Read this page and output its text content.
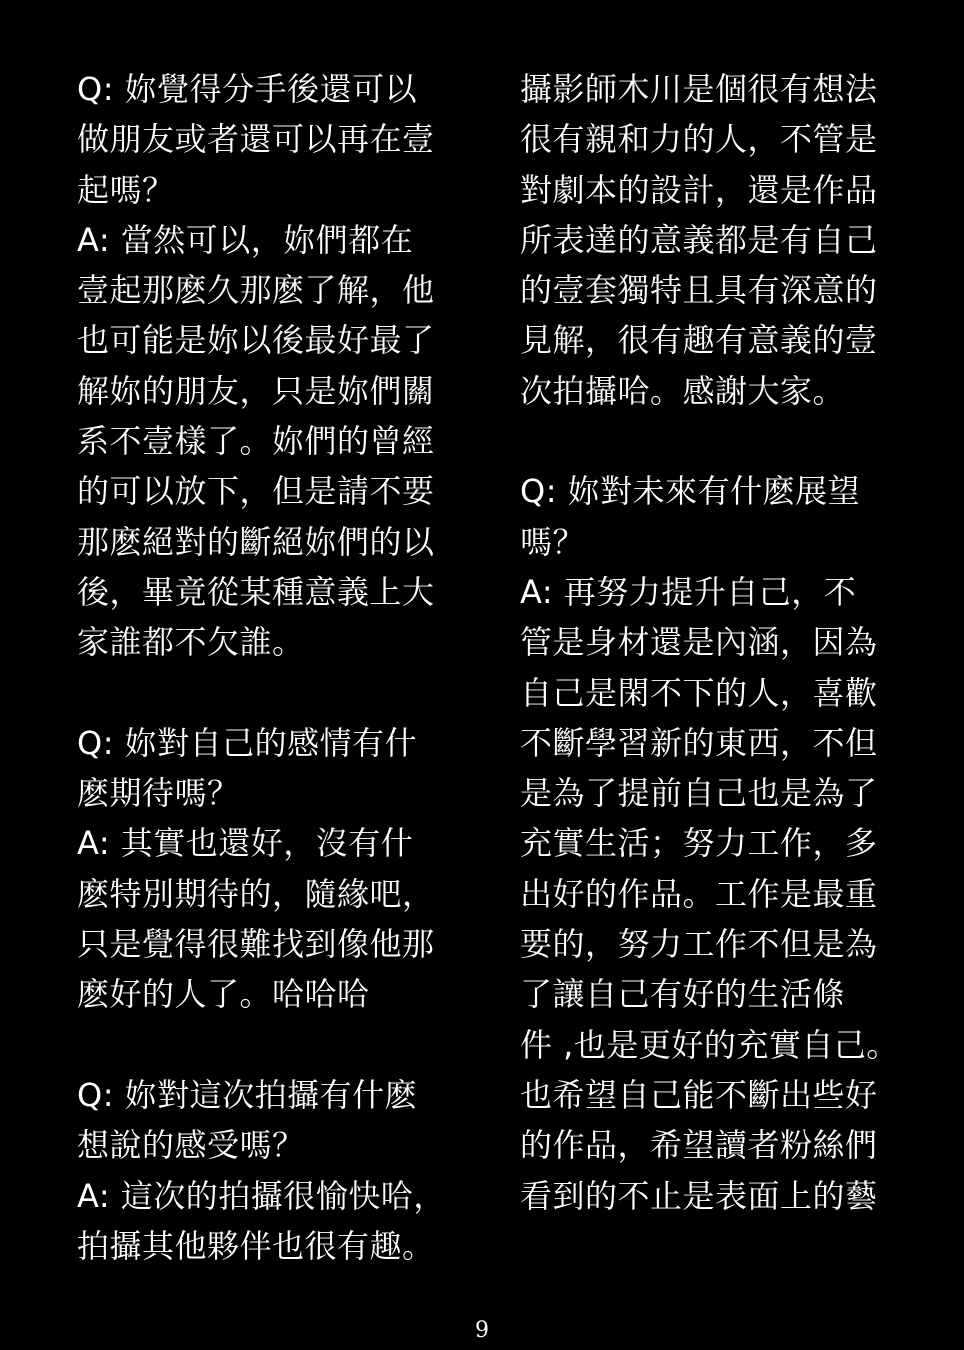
Q: 妳覺得分手後還可以
做朋友或者還可以再在壹
起嗎？
A: 當然可以，妳們都在
壹起那麽久那麽了解，他
也可能是妳以後最好最了
解妳的朋友，只是妳們關
系不壹樣了。妳們的曾經
的可以放下，但是請不要
那麽絕對的斷絕妳們的以
後，畢竟從某種意義上大
家誰都不欠誰。
Q: 妳對自己的感情有什
麽期待嗎？
A: 其實也還好，沒有什
麽特別期待的，隨緣吧，
只是覺得很難找到像他那
麽好的人了。哈哈哈
Q: 妳對這次拍攝有什麽
想說的感受嗎？
A: 這次的拍攝很愉快哈，
拍攝其他夥伴也很有趣。
攝影師木川是個很有想法
很有親和力的人，不管是
對劇本的設計，還是作品
所表達的意義都是有自己
的壹套獨特且具有深意的
見解，很有趣有意義的壹
次拍攝哈。感謝大家。
Q: 妳對未來有什麽展望
嗎？
A: 再努力提升自己，不
管是身材還是內涵，因為
自己是閑不下的人，喜歡
不斷學習新的東西，不但
是為了提前自己也是為了
充實生活；努力工作，多
出好的作品。工作是最重
要的，努力工作不但是為
了讓自己有好的生活條
件 ,也是更好的充實自己。
也希望自己能不斷出些好
的作品，希望讀者粉絲們
看到的不止是表面上的藝
9
